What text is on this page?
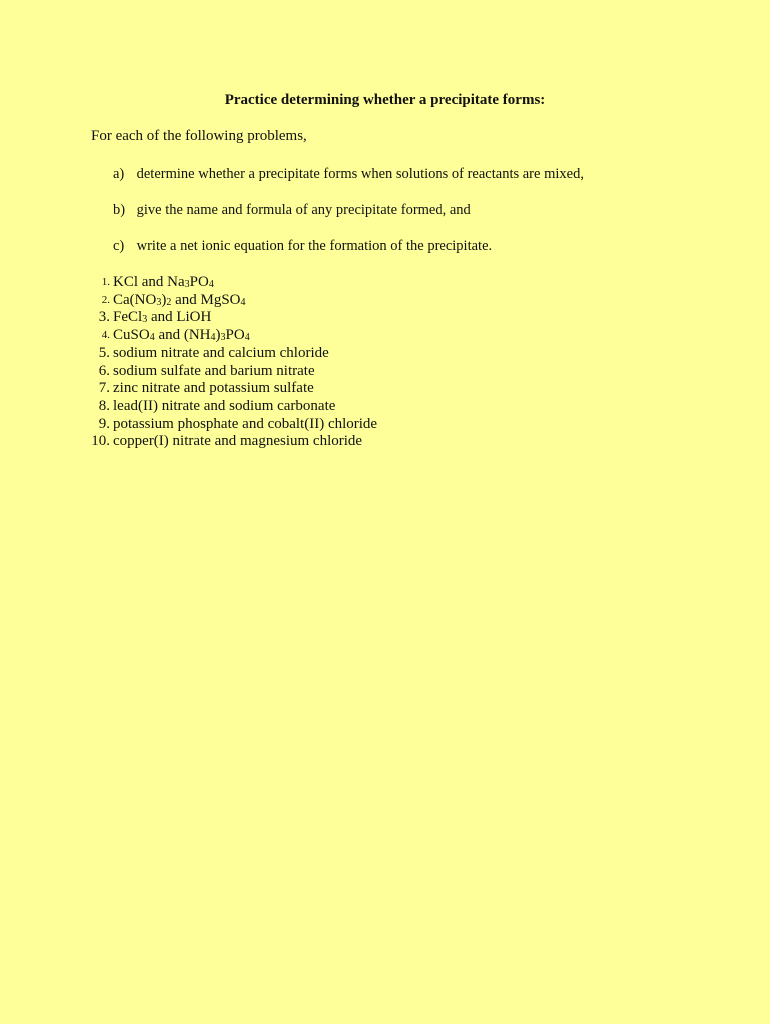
Practice determining whether a precipitate forms:
For each of the following problems,
a) determine whether a precipitate forms when solutions of reactants are mixed,
b) give the name and formula of any precipitate formed, and
c) write a net ionic equation for the formation of the precipitate.
1. KCl and $Na_3PO_4$
2. $Ca(NO_3)_2$ and MgSO$_4$
3. FeCl$_3$ and LiOH
4. CuSO$_4$ and $(NH_4)_3PO_4$
5. sodium nitrate and calcium chloride
6. sodium sulfate and barium nitrate
7. zinc nitrate and potassium sulfate
8. lead(II) nitrate and sodium carbonate
9. potassium phosphate and cobalt(II) chloride
10. copper(I) nitrate and magnesium chloride
